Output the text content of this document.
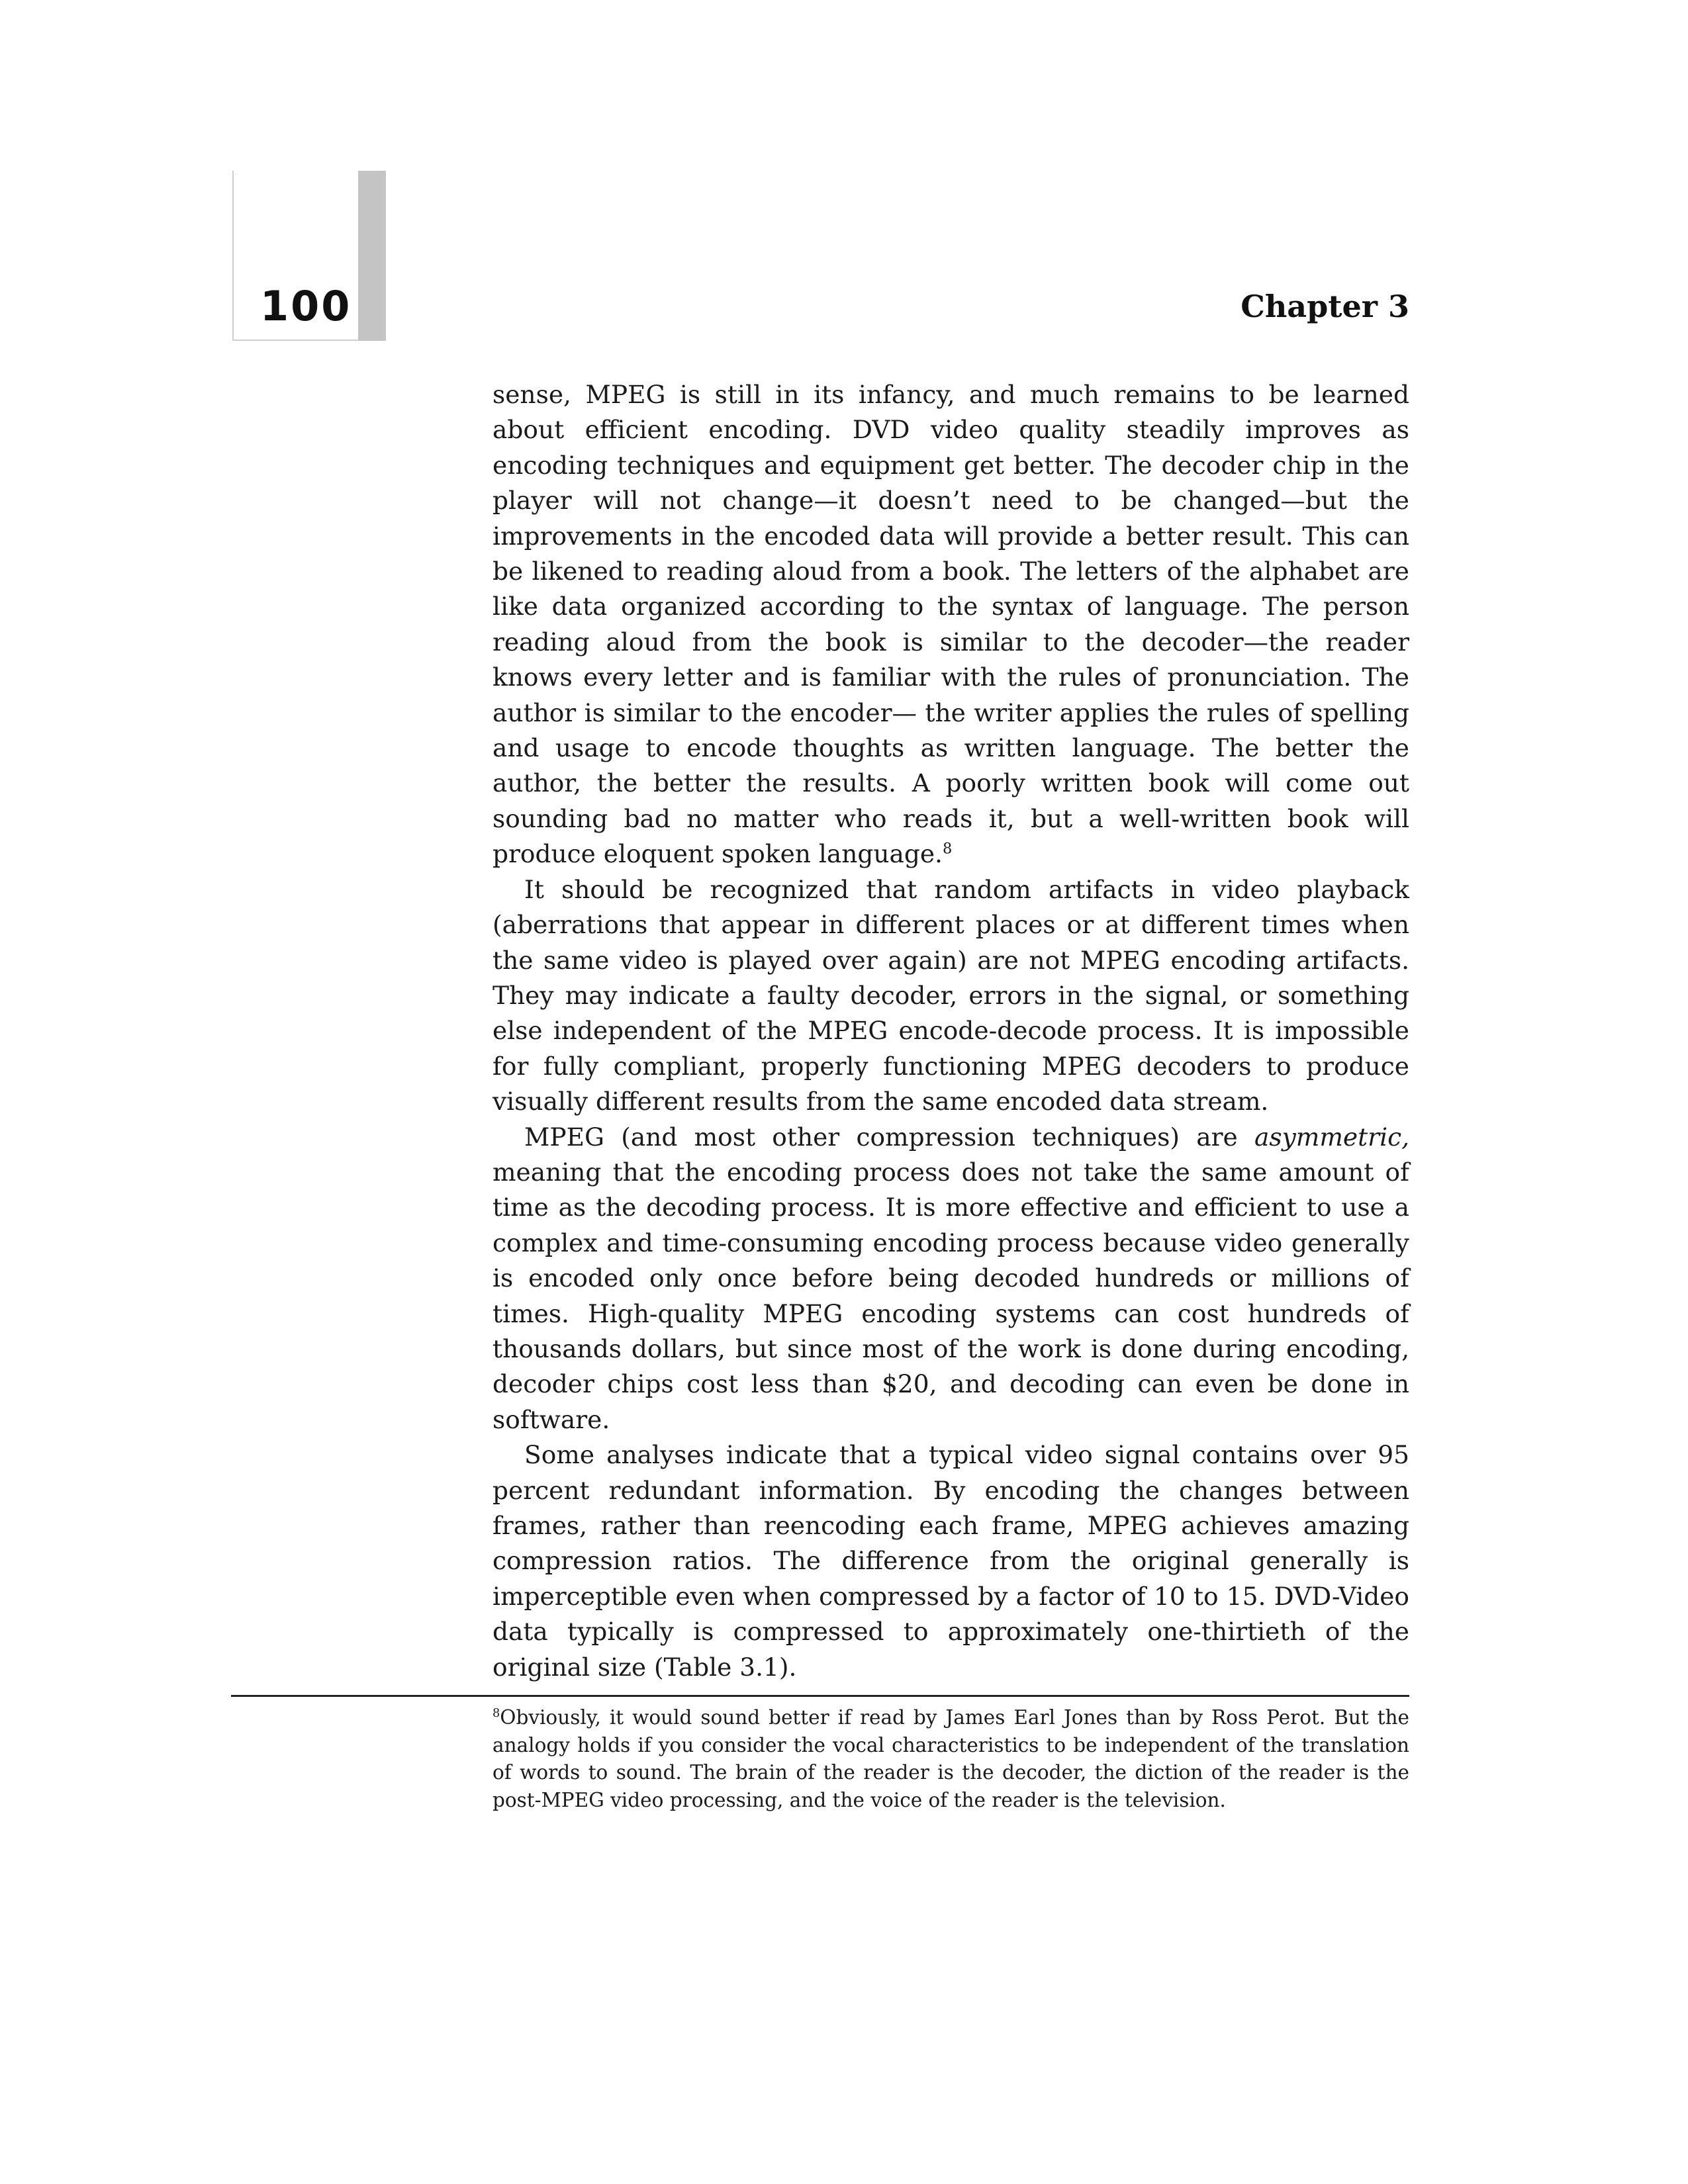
100	Chapter 3

sense, MPEG is still in its infancy, and much remains to be learned about efficient encoding. DVD video quality steadily improves as encoding techniques and equipment get better. The decoder chip in the player will not change—it doesn’t need to be changed—but the improvements in the encoded data will provide a better result. This can be likened to reading aloud from a book. The letters of the alphabet are like data organized according to the syntax of language. The person reading aloud from the book is similar to the decoder—the reader knows every letter and is familiar with the rules of pronunciation. The author is similar to the encoder— the writer applies the rules of spelling and usage to encode thoughts as written language. The better the author, the better the results. A poorly written book will come out sounding bad no matter who reads it, but a well-written book will produce eloquent spoken language.$^8$

It should be recognized that random artifacts in video playback (aberrations that appear in different places or at different times when the same video is played over again) are not MPEG encoding artifacts. They may indicate a faulty decoder, errors in the signal, or something else independent of the MPEG encode-decode process. It is impossible for fully compliant, properly functioning MPEG decoders to produce visually different results from the same encoded data stream.

MPEG (and most other compression techniques) are asymmetric, meaning that the encoding process does not take the same amount of time as the decoding process. It is more effective and efficient to use a complex and time-consuming encoding process because video generally is encoded only once before being decoded hundreds or millions of times. High-quality MPEG encoding systems can cost hundreds of thousands dollars, but since most of the work is done during encoding, decoder chips cost less than $20, and decoding can even be done in software.

Some analyses indicate that a typical video signal contains over 95 percent redundant information. By encoding the changes between frames, rather than reencoding each frame, MPEG achieves amazing compression ratios. The difference from the original generally is imperceptible even when compressed by a factor of 10 to 15. DVD-Video data typically is compressed to approximately one-thirtieth of the original size (Table 3.1).

$^8$Obviously, it would sound better if read by James Earl Jones than by Ross Perot. But the analogy holds if you consider the vocal characteristics to be independent of the translation of words to sound. The brain of the reader is the decoder, the diction of the reader is the post-MPEG video processing, and the voice of the reader is the television.
